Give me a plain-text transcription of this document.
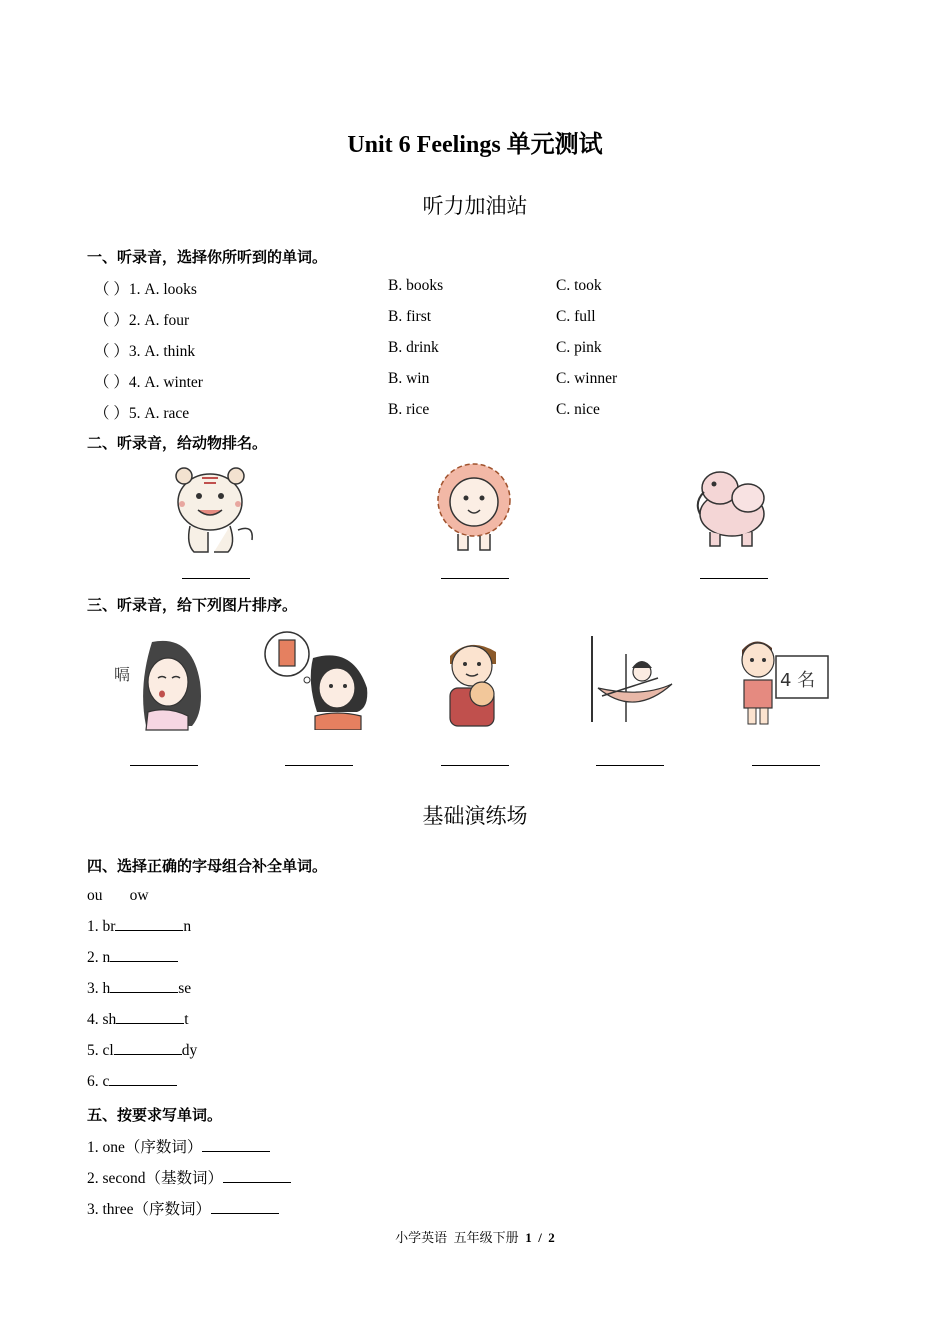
Unit 6 Feelings 单元测试
听力加油站
一、听录音，选择你所听到的单词。
（ ）1. A. looks	B. books	C. took
（ ）2. A. four	B. first	C. full
（ ）3. A. think	B. drink	C. pink
（ ）4. A. winter	B. win	C. winner
（ ）5. A. race	B. rice	C. nice
二、听录音，给动物排名。
三、听录音，给下列图片排序。
嗝	4 名
基础演练场
四、选择正确的字母组合补全单词。
ou       ow
1. br	n
2. n
3. h	se
4. sh	t
5. cl	dy
6. c
五、按要求写单词。
1. one（序数词）
2. second（基数词）
3. three（序数词）
小学英语  五年级下册  1  /  2
